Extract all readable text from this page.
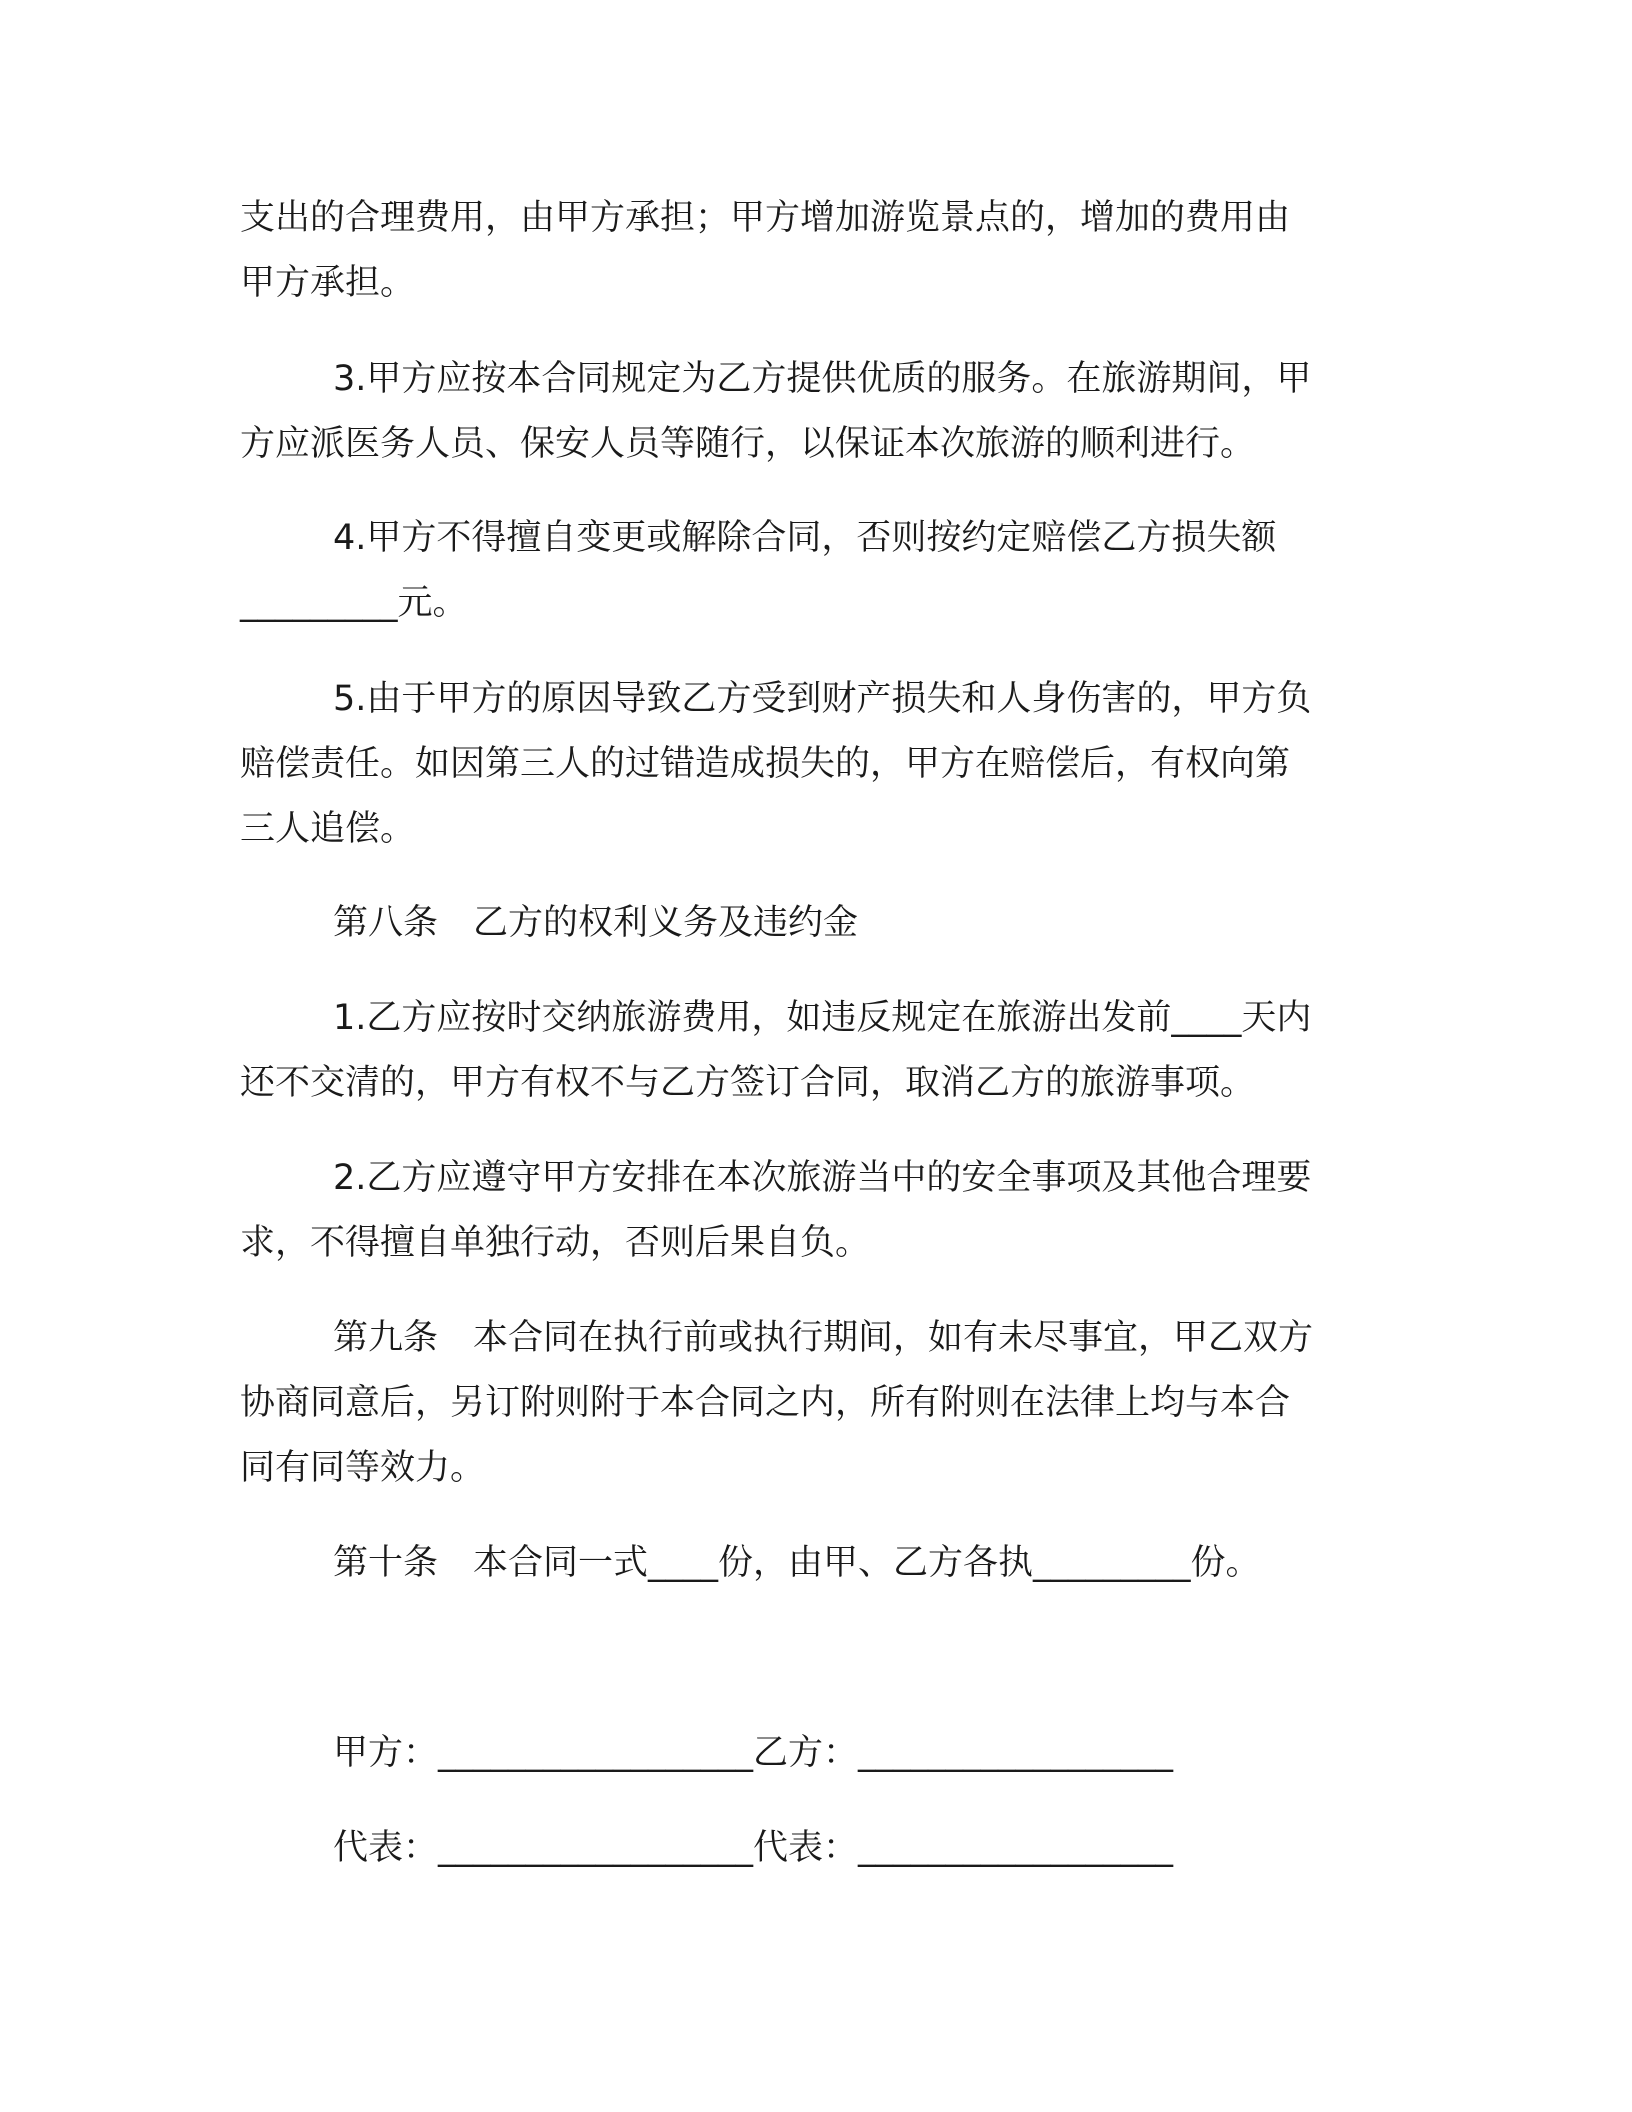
支出的合理费用，由甲方承担；甲方增加游览景点的，增加的费用由
甲方承担。
3.甲方应按本合同规定为乙方提供优质的服务。在旅游期间，甲
方应派医务人员、保安人员等随行，以保证本次旅游的顺利进行。
4.甲方不得擅自变更或解除合同，否则按约定赔偿乙方损失额
_________元。
5.由于甲方的原因导致乙方受到财产损失和人身伤害的，甲方负
赔偿责任。如因第三人的过错造成损失的，甲方在赔偿后，有权向第
三人追偿。
第八条　乙方的权利义务及违约金
1.乙方应按时交纳旅游费用，如违反规定在旅游出发前____天内
还不交清的，甲方有权不与乙方签订合同，取消乙方的旅游事项。
2.乙方应遵守甲方安排在本次旅游当中的安全事项及其他合理要
求，不得擅自单独行动，否则后果自负。
第九条　本合同在执行前或执行期间，如有未尽事宜，甲乙双方
协商同意后，另订附则附于本合同之内，所有附则在法律上均与本合
同有同等效力。
第十条　本合同一式____份，由甲、乙方各执_________份。
甲方：__________________乙方：__________________
代表：__________________代表：__________________
